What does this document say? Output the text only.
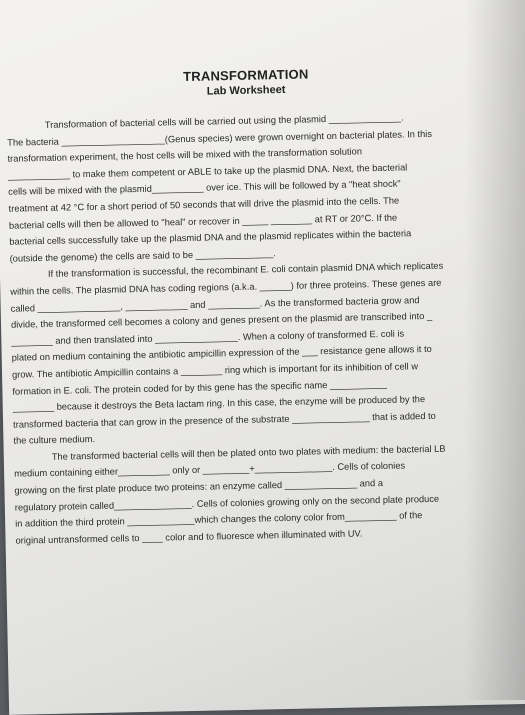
TRANSFORMATION
Lab Worksheet
Transformation of bacterial cells will be carried out using the plasmid ______________.
The bacteria ____________________(Genus species) were grown overnight on bacterial plates. In this
transformation experiment, the host cells will be mixed with the transformation solution
____________ to make them competent or ABLE to take up the plasmid DNA. Next, the bacterial
cells will be mixed with the plasmid__________ over ice. This will be followed by a "heat shock"
treatment at 42 °C for a short period of 50 seconds that will drive the plasmid into the cells. The
bacterial cells will then be allowed to "heal" or recover in _____ ________ at RT or 20°C. If the
bacterial cells successfully take up the plasmid DNA and the plasmid replicates within the bacteria
(outside the genome) the cells are said to be _______________.
If the transformation is successful, the recombinant E. coli contain plasmid DNA which replicates
within the cells. The plasmid DNA has coding regions (a.k.a. ______) for three proteins. These genes are
called ________________, ____________ and __________. As the transformed bacteria grow and
divide, the transformed cell becomes a colony and genes present on the plasmid are transcribed into _
________ and then translated into ________________. When a colony of transformed E. coli is
plated on medium containing the antibiotic ampicillin expression of the ___ resistance gene allows it to
grow. The antibiotic Ampicillin contains a ________ ring which is important for its inhibition of cell w
formation in E. coli. The protein coded for by this gene has the specific name ___________
________ because it destroys the Beta lactam ring. In this case, the enzyme will be produced by the
transformed bacteria that can grow in the presence of the substrate _______________ that is added to
the culture medium.
The transformed bacterial cells will then be plated onto two plates with medium: the bacterial LB
medium containing either__________ only or _________+_______________. Cells of colonies
growing on the first plate produce two proteins: an enzyme called ______________ and a
regulatory protein called_______________. Cells of colonies growing only on the second plate produce
in addition the third protein _____________which changes the colony color from__________ of the
original untransformed cells to ____ color and to fluoresce when illuminated with UV.
